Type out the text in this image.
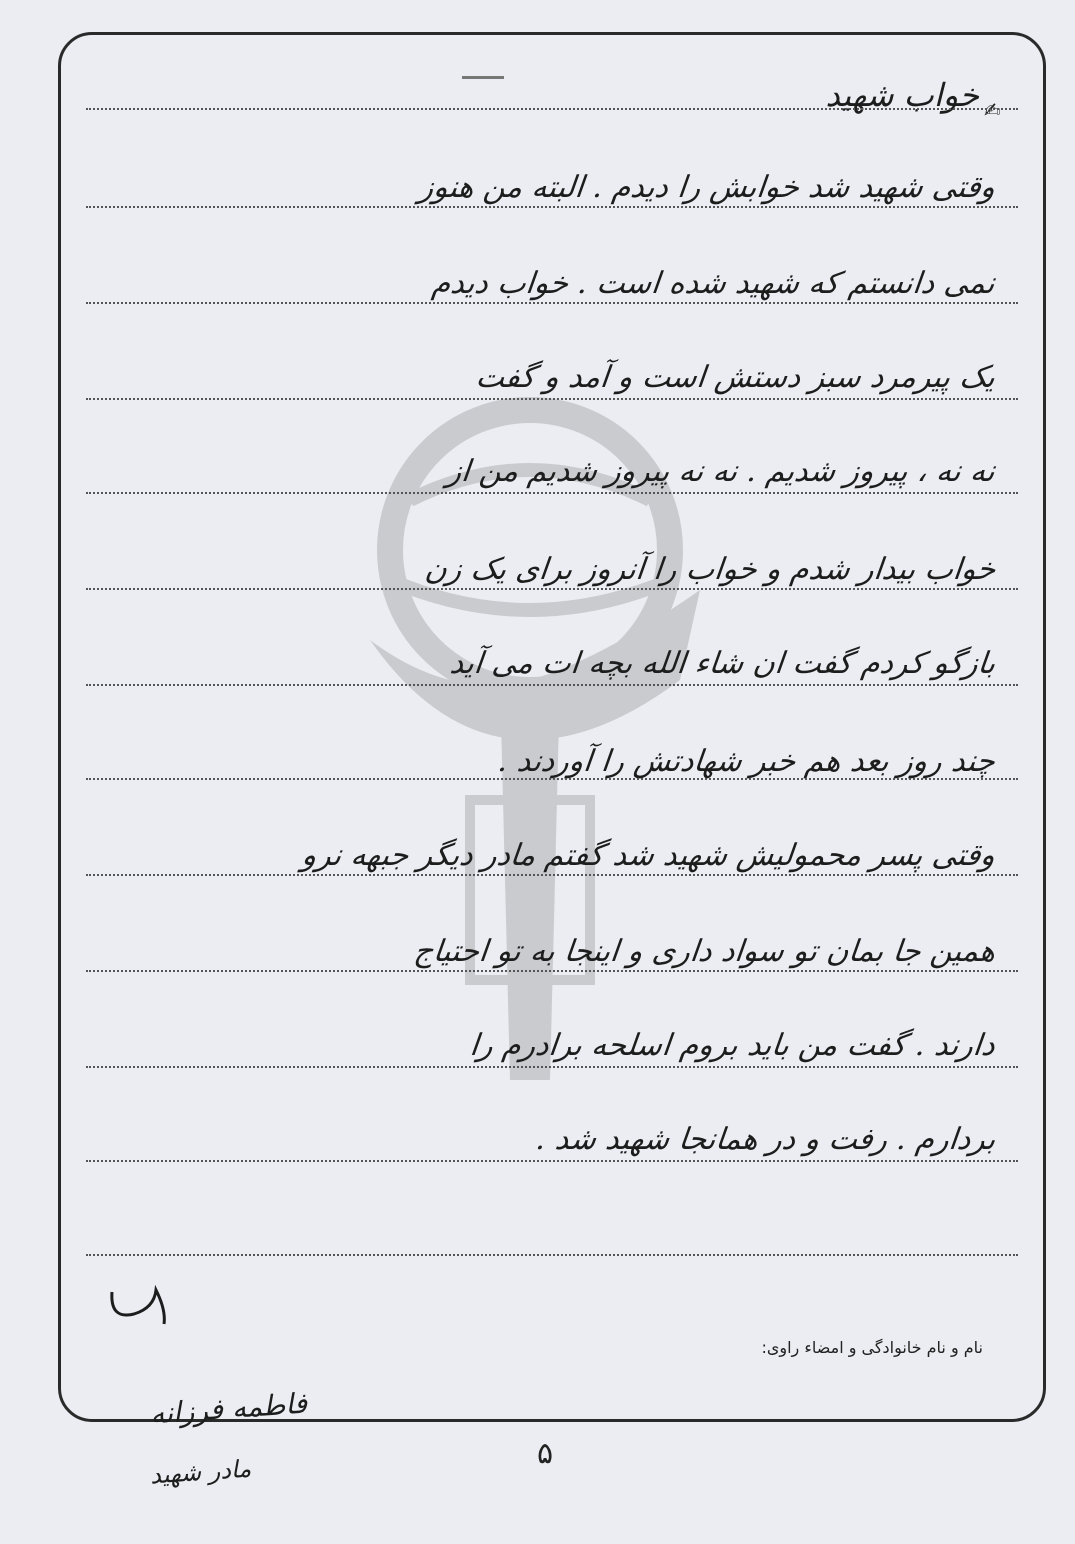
✍
خواب شهید
وقتی شهید شد خوابش را دیدم . البته من هنوز
نمی دانستم که شهید شده است . خواب دیدم
یک پیرمرد سبز دستش است و آمد و گفت
نه نه ، پیروز شدیم . نه نه پیروز شدیم من از
خواب بیدار شدم و خواب را آنروز برای یک زن
بازگو کردم گفت ان شاء الله بچه ات می آید
چند روز بعد هم خبر شهادتش را آوردند .
وقتی پسر محمولیش شهید شد گفتم مادر دیگر جبهه نرو
همین جا بمان تو سواد داری و اینجا به تو احتیاج
دارند . گفت من باید بروم اسلحه برادرم را
بردارم . رفت و در همانجا شهید شد .
نام و نام خانوادگی و امضاء راوی:
فاطمه فرزانه
مادر شهید
۵
